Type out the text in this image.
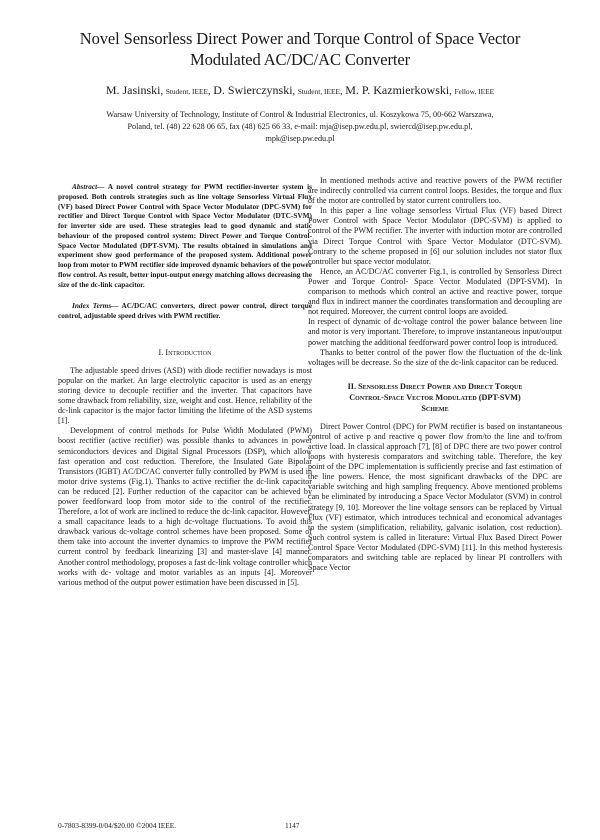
Novel Sensorless Direct Power and Torque Control of Space Vector
Modulated AC/DC/AC Converter
M. Jasinski, Student, IEEE, D. Swierczynski, Student, IEEE, M. P. Kazmierkowski, Fellow, IEEE
Warsaw University of Technology, Institute of Control & Industrial Electronics, ul. Koszykowa 75, 00-662 Warszawa,
Poland, tel. (48) 22 628 06 65, fax (48) 625 66 33, e-mail: mja@isep.pw.edu.pl, swiercd@isep.pw.edu.pl,
mpk@isep.pw.edu.pl

Abstract— A novel control strategy for PWM rectifier-inverter system is proposed. Both controls strategies such as line voltage Sensorless Virtual Flux (VF) based Direct Power Control with Space Vector Modulator (DPC-SVM) for rectifier and Direct Torque Control with Space Vector Modulator (DTC-SVM) for inverter side are used. These strategies lead to good dynamic and static behaviour of the proposed control system: Direct Power and Torque Control- Space Vector Modulated (DPT-SVM). The results obtained in simulations and experiment show good performance of the proposed system. Additional power loop from motor to PWM rectifier side improved dynamic behaviors of the power flow control. As result, better input-output energy matching allows decreasing the size of the dc-link capacitor.

Index Terms— AC/DC/AC converters, direct power control, direct torque control, adjustable speed drives with PWM rectifier.

I. Introduction

The adjustable speed drives (ASD) with diode rectifier nowadays is most popular on the market. An large electrolytic capacitor is used as an energy storing device to decouple rectifier and the inverter. That capacitors have some drawback from reliability, size, weight and cost. Hence, reliability of the dc-link capacitor is the major factor limiting the lifetime of the ASD systems [1].

Development of control methods for Pulse Width Modulated (PWM) boost rectifier (active rectifier) was possible thanks to advances in power semiconductors devices and Digital Signal Processors (DSP), which allow fast operation and cost reduction. Therefore, the Insulated Gate Bipolar Transistors (IGBT) AC/DC/AC converter fully controlled by PWM is used in motor drive systems (Fig.1). Thanks to active rectifier the dc-link capacitor can be reduced [2]. Further reduction of the capacitor can be achieved by power feedforward loop from motor side to the control of the rectifier. Therefore, a lot of work are inclined to reduce the dc-link capacitor. However, a small capacitance leads to a high dc-voltage fluctuations. To avoid this drawback various dc-voltage control schemes have been proposed. Some of them take into account the inverter dynamics to improve the PWM rectifier current control by feedback linearizing [3] and master-slave [4] manner. Another control methodology, proposes a fast dc-link voltage controller which works with dc- voltage and motor variables as an inputs [4]. Moreover various method of the output power estimation have been discussed in [5].

In mentioned methods active and reactive powers of the PWM rectifier are indirectly controlled via current control loops. Besides, the torque and flux of the motor are controlled by stator current controllers too.

In this paper a line voltage sensorless Virtual Flux (VF) based Direct Power Control with Space Vector Modulator (DPC-SVM) is applied to control of the PWM rectifier. The inverter with induction motor are controlled via Direct Torque Control with Space Vector Modulator (DTC-SVM). Contrary to the scheme proposed in [6] our solution includes not stator flux controller but space vector modulator.

Hence, an AC/DC/AC converter Fig.1, is controlled by Sensorless Direct Power and Torque Control- Space Vector Modulated (DPT-SVM). In comparison to methods which control an active and reactive power, torque and flux in indirect manner the coordinates transformation and decoupling are not required. Moreover, the current control loops are avoided.

In respect of dynamic of dc-voltage control the power balance between line and motor is very important. Therefore, to improve instantaneous input/output power matching the additional feedforward power control loop is introduced.

Thanks to better control of the power flow the fluctuation of the dc-link voltages will be decrease. So the size of the dc-link capacitor can be reduced.

II. Sensorless Direct Power and Direct Torque

Control-Space Vector Modulated (DPT-SVM)

Scheme

Direct Power Control (DPC) for PWM rectifier is based on instantaneous control of active p and reactive q power flow from/to the line and to/from active load. In classical approach [7], [8] of DPC there are two power control loops with hysteresis comparators and switching table. Therefore, the key point of the DPC implementation is sufficiently precise and fast estimation of the line powers. Hence, the most significant drawbacks of the DPC are variable switching and high sampling frequency. Above mentioned problems can be eliminated by introducing a Space Vector Modulator (SVM) in control strategy [9, 10]. Moreover the line voltage sensors can be replaced by Virtual Flux (VF) estimator, which introduces technical and economical advantages to the system (simplification, reliability, galvanic isolation, cost reduction). Such control system is called in literature: Virtual Flux Based Direct Power Control Space Vector Modulated (DPC-SVM) [11]. In this method hysteresis comparators and switching table are replaced by linear PI controllers with Space Vector

0-7803-8399-0/04/$20.00 ©2004 IEEE.	1147
